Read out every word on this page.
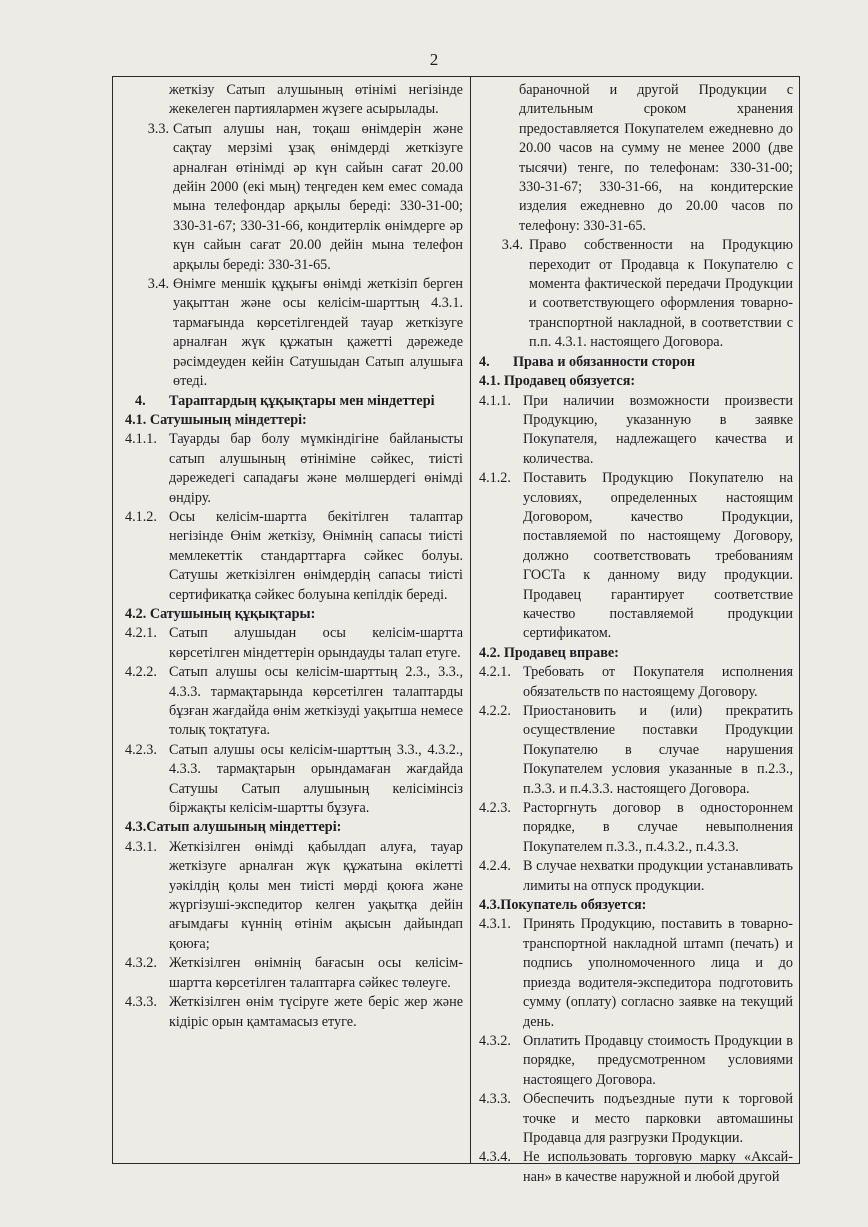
2
жеткізу Сатып алушының өтінімі негізінде жекелеген партиялармен жүзеге асырылады.
3.3. Сатып алушы нан, тоқаш өнімдерін және сақтау мерзімі ұзақ өнімдерді жеткізуге арналған өтінімді әр күн сайын сағат 20.00 дейін 2000 (екі мың) теңгеден кем емес сомада мына телефондар арқылы береді: 330-31-00; 330-31-67; 330-31-66, кондитерлік өнімдерге әр күн сайын сағат 20.00 дейін мына телефон арқылы береді: 330-31-65.
3.4. Өнімге меншік құқығы өнімді жеткізіп берген уақыттан және осы келісім-шарттың 4.3.1. тармағында көрсетілгендей тауар жеткізуге арналған жүк құжатын қажетті дәрежеде рәсімдеуден кейін Сатушыдан Сатып алушыға өтеді.
4.	Тараптардың құқықтары мен міндеттері
4.1. Сатушының міндеттері:
4.1.1. Тауарды бар болу мүмкіндігіне байланысты сатып алушының өтініміне сәйкес, тиісті дәрежедегі сападағы және мөлшердегі өнімді өндіру.
4.1.2. Осы келісім-шартта бекітілген талаптар негізінде Өнім жеткізу, Өнімнің сапасы тиісті мемлекеттік стандарттарға сәйкес болуы. Сатушы жеткізілген өнімдердің сапасы тиісті сертификатқа сәйкес болуына кепілдік береді.
4.2. Сатушының құқықтары:
4.2.1. Сатып алушыдан осы келісім-шартта көрсетілген міндеттерін орындауды талап етуге.
4.2.2. Сатып алушы осы келісім-шарттың 2.3., 3.3., 4.3.3. тармақтарында көрсетілген талаптарды бұзған жағдайда өнім жеткізуді уақытша немесе толық тоқтатуға.
4.2.3. Сатып алушы осы келісім-шарттың 3.3., 4.3.2., 4.3.3. тармақтарын орындамаған жағдайда Сатушы Сатып алушының келісімінсіз біржақты келісім-шартты бұзуға.
4.3.Сатып алушының міндеттері:
4.3.1. Жеткізілген өнімді қабылдап алуға, тауар жеткізуге арналған жүк құжатына өкілетті уәкілдің қолы мен тиісті мөрді қоюға және жүргізуші-экспедитор келген уақытқа дейін ағымдағы күннің өтінім ақысын дайындап қоюға;
4.3.2. Жеткізілген өнімнің бағасын осы келісім-шартта көрсетілген талаптарға сәйкес төлеуге.
4.3.3. Жеткізілген өнім түсіруге жете беріс жер және кідіріс орын қамтамасыз етуге.
бараночной и другой Продукции с длительным сроком хранения предоставляется Покупателем ежедневно до 20.00 часов на сумму не менее 2000 (две тысячи) тенге, по телефонам: 330-31-00; 330-31-67; 330-31-66, на кондитерские изделия ежедневно до 20.00 часов по телефону: 330-31-65.
3.4. Право собственности на Продукцию переходит от Продавца к Покупателю с момента фактической передачи Продукции и соответствующего оформления товарно-транспортной накладной, в соответствии с п.п. 4.3.1. настоящего Договора.
4.	Права и обязанности сторон
4.1. Продавец обязуется:
4.1.1. При наличии возможности произвести Продукцию, указанную в заявке Покупателя, надлежащего качества и количества.
4.1.2. Поставить Продукцию Покупателю на условиях, определенных настоящим Договором, качество Продукции, поставляемой по настоящему Договору, должно соответствовать требованиям ГОСТа к данному виду продукции. Продавец гарантирует соответствие качество поставляемой продукции сертификатом.
4.2. Продавец вправе:
4.2.1. Требовать от Покупателя исполнения обязательств по настоящему Договору.
4.2.2. Приостановить и (или) прекратить осуществление поставки Продукции Покупателю в случае нарушения Покупателем условия указанные в п.2.3., п.3.3. и п.4.3.3. настоящего Договора.
4.2.3. Расторгнуть договор в одностороннем порядке, в случае невыполнения Покупателем п.3.3., п.4.3.2., п.4.3.3.
4.2.4. В случае нехватки продукции устанавливать лимиты на отпуск продукции.
4.3.Покупатель обязуется:
4.3.1. Принять Продукцию, поставить в товарно-транспортной накладной штамп (печать) и подпись уполномоченного лица и до приезда водителя-экспедитора подготовить сумму (оплату) согласно заявке на текущий день.
4.3.2. Оплатить Продавцу стоимость Продукции в порядке, предусмотренном условиями настоящего Договора.
4.3.3. Обеспечить подъездные пути к торговой точке и место парковки автомашины Продавца для разгрузки Продукции.
4.3.4. Не использовать торговую марку «Аксай-нан» в качестве наружной и любой другой
